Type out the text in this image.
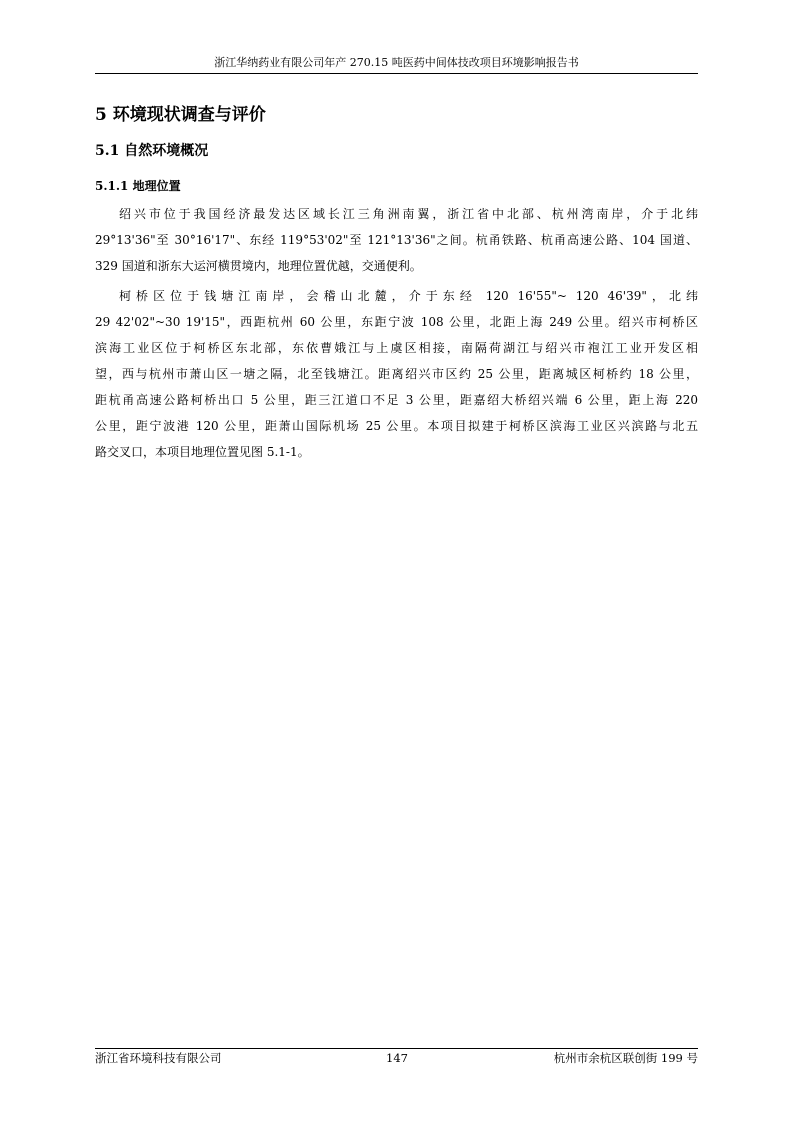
浙江华纳药业有限公司年产 270.15 吨医药中间体技改项目环境影响报告书
5 环境现状调查与评价
5.1 自然环境概况
5.1.1 地理位置
绍兴市位于我国经济最发达区域长江三角洲南翼，浙江省中北部、杭州湾南岸，介于北纬
29°13'36"至 30°16'17"、东经 119°53'02"至 121°13'36"之间。杭甬铁路、杭甬高速公路、104 国道、
329 国道和浙东大运河横贯境内，地理位置优越，交通便利。
柯桥区位于钱塘江南岸，会稽山北麓，介于东经 120 16'55"~ 120 46'39"，北纬
29 42'02"~30 19'15"，西距杭州 60 公里，东距宁波 108 公里，北距上海 249 公里。绍兴市柯桥区
滨海工业区位于柯桥区东北部，东依曹娥江与上虞区相接，南隔荷湖江与绍兴市袍江工业开发区相
望，西与杭州市萧山区一塘之隔，北至钱塘江。距离绍兴市区约 25 公里，距离城区柯桥约 18 公里，
距杭甬高速公路柯桥出口 5 公里，距三江道口不足 3 公里，距嘉绍大桥绍兴端 6 公里，距上海 220
公里，距宁波港 120 公里，距萧山国际机场 25 公里。本项目拟建于柯桥区滨海工业区兴滨路与北五
路交叉口，本项目地理位置见图 5.1-1。
浙江省环境科技有限公司	147	杭州市余杭区联创街 199 号
